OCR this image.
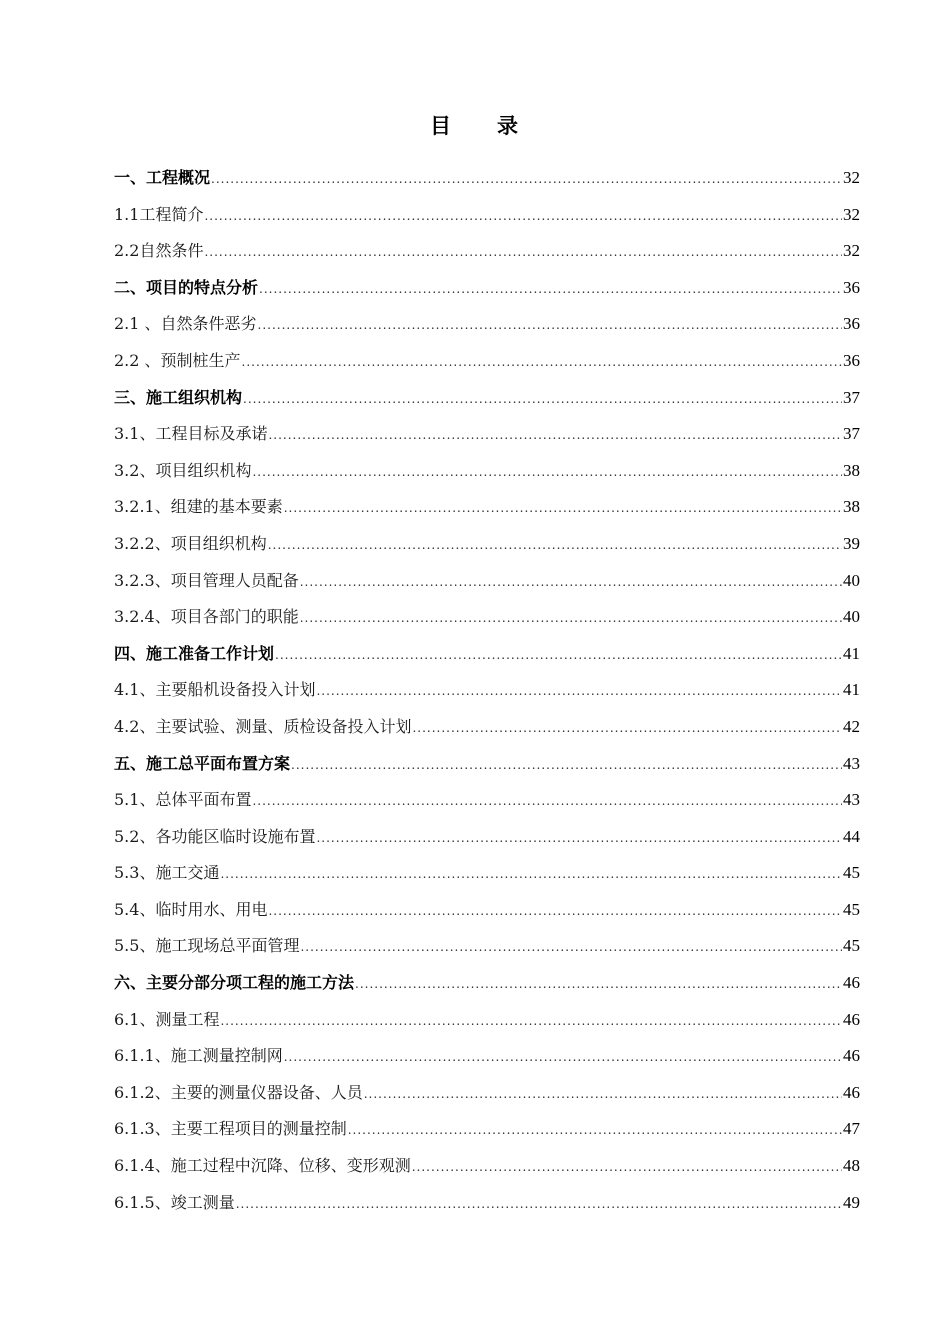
目 录
一、工程概况 .....	32
1.1工程简介 .....	32
2.2自然条件 .....	32
二、项目的特点分析 .....	36
2.1 、自然条件恶劣 .....	36
2.2 、预制桩生产 .....	36
三、施工组织机构 .....	37
3.1、工程目标及承诺 .....	37
3.2、项目组织机构 .....	38
3.2.1、组建的基本要素 .....	38
3.2.2、项目组织机构 .....	39
3.2.3、项目管理人员配备 .....	40
3.2.4、项目各部门的职能 .....	40
四、施工准备工作计划 .....	41
4.1、主要船机设备投入计划 .....	41
4.2、主要试验、测量、质检设备投入计划 .....	42
五、施工总平面布置方案 .....	43
5.1、总体平面布置 .....	43
5.2、各功能区临时设施布置 .....	44
5.3、施工交通 .....	45
5.4、临时用水、用电 .....	45
5.5、施工现场总平面管理 .....	45
六、主要分部分项工程的施工方法 .....	46
6.1、测量工程 .....	46
6.1.1、施工测量控制网 .....	46
6.1.2、主要的测量仪器设备、人员 .....	46
6.1.3、主要工程项目的测量控制 .....	47
6.1.4、施工过程中沉降、位移、变形观测 .....	48
6.1.5、竣工测量 .....	49
